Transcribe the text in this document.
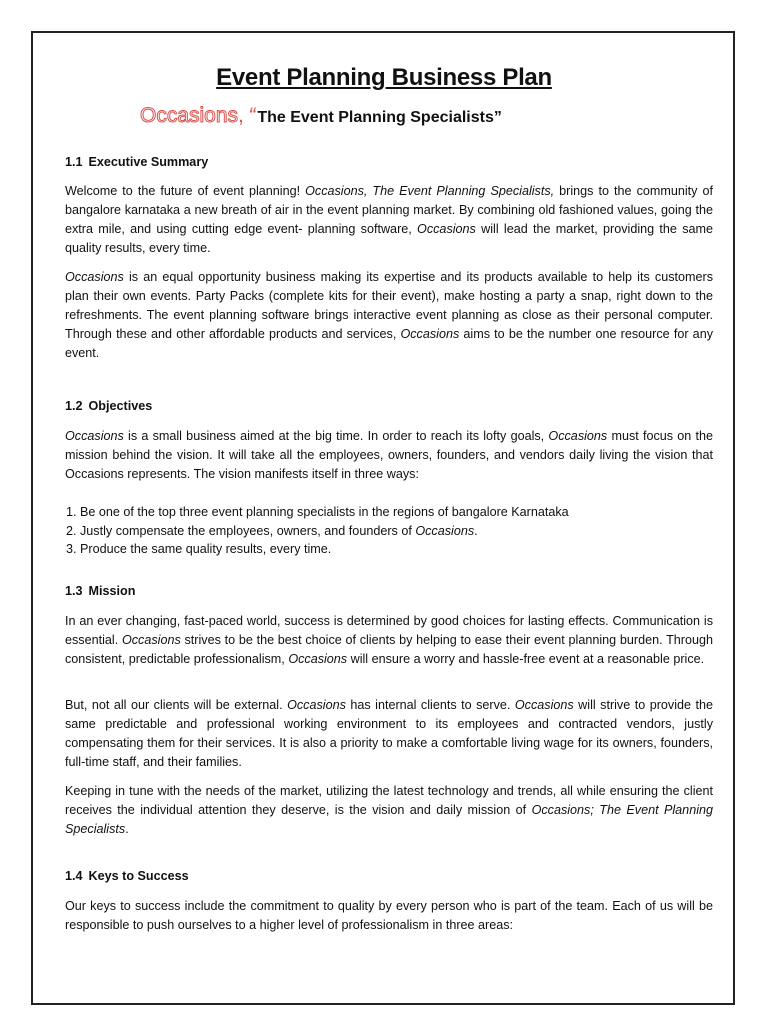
Event Planning Business Plan
Occasions, “ The Event Planning Specialists”
1.1 Executive Summary

Welcome to the future of event planning! Occasions, The Event Planning Specialists, brings to the community of bangalore karnataka a new breath of air in the event planning market. By combining old fashioned values, going the extra mile, and using cutting edge event- planning software, Occasions will lead the market, providing the same quality results, every time.

Occasions is an equal opportunity business making its expertise and its products available to help its customers plan their own events. Party Packs (complete kits for their event), make hosting a party a snap, right down to the refreshments. The event planning software brings interactive event planning as close as their personal computer. Through these and other affordable products and services, Occasions aims to be the number one resource for any event.

1.2 Objectives

Occasions is a small business aimed at the big time. In order to reach its lofty goals, Occasions must focus on the mission behind the vision. It will take all the employees, owners, founders, and vendors daily living the vision that Occasions represents. The vision manifests itself in three ways:

1. Be one of the top three event planning specialists in the regions of bangalore Karnataka
2. Justly compensate the employees, owners, and founders of Occasions.
3. Produce the same quality results, every time.
1.3 Mission

In an ever changing, fast-paced world, success is determined by good choices for lasting effects. Communication is essential. Occasions strives to be the best choice of clients by helping to ease their event planning burden. Through consistent, predictable professionalism, Occasions will ensure a worry and hassle-free event at a reasonable price.

But, not all our clients will be external. Occasions has internal clients to serve. Occasions will strive to provide the same predictable and professional working environment to its employees and contracted vendors, justly compensating them for their services. It is also a priority to make a comfortable living wage for its owners, founders, full-time staff, and their families.

Keeping in tune with the needs of the market, utilizing the latest technology and trends, all while ensuring the client receives the individual attention they deserve, is the vision and daily mission of Occasions; The Event Planning Specialists.

1.4 Keys to Success

Our keys to success include the commitment to quality by every person who is part of the team. Each of us will be responsible to push ourselves to a higher level of professionalism in three areas:
